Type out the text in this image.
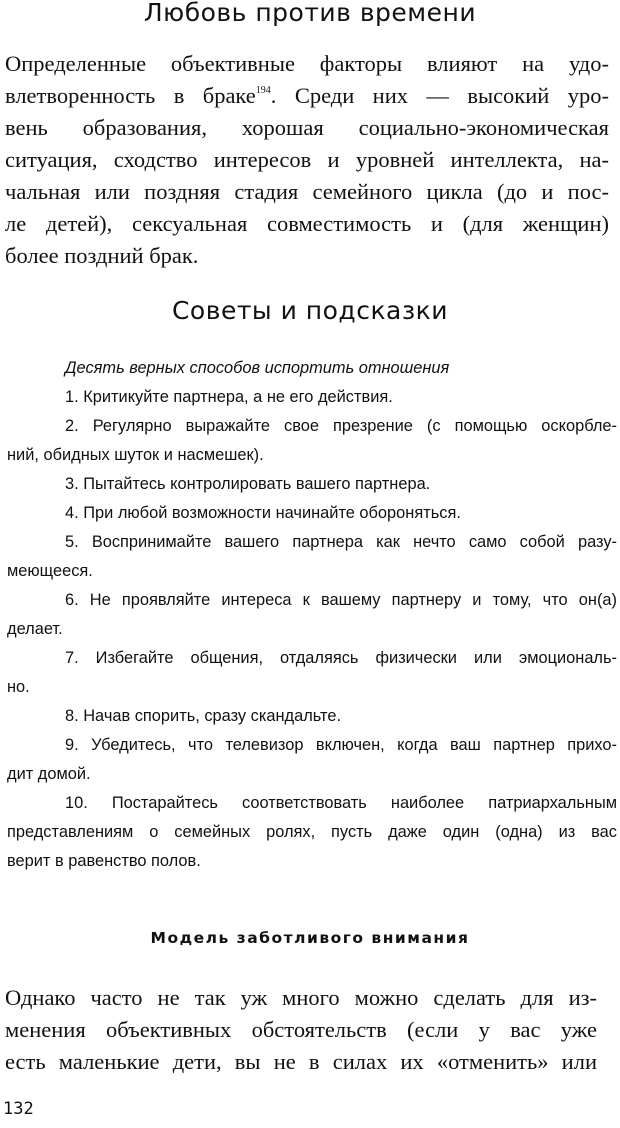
Любовь против времени
Определенные объективные факторы влияют на удо-
влетворенность в браке$^{194}$. Среди них — высокий уро-
вень образования, хорошая социально-экономическая
ситуация, сходство интересов и уровней интеллекта, на-
чальная или поздняя стадия семейного цикла (до и пос-
ле детей), сексуальная совместимость и (для женщин)
более поздний брак.
Советы и подсказки
Десять верных способов испортить отношения
1. Критикуйте партнера, а не его действия.
2. Регулярно выражайте свое презрение (с помощью оскорбле-
ний, обидных шуток и насмешек).
3. Пытайтесь контролировать вашего партнера.
4. При любой возможности начинайте обороняться.
5. Воспринимайте вашего партнера как нечто само собой разу-
меющееся.
6. Не проявляйте интереса к вашему партнеру и тому, что он(а)
делает.
7. Избегайте общения, отдаляясь физически или эмоциональ-
но.
8. Начав спорить, сразу скандальте.
9. Убедитесь, что телевизор включен, когда ваш партнер прихо-
дит домой.
10. Постарайтесь соответствовать наиболее патриархальным
представлениям о семейных ролях, пусть даже один (одна) из вас
верит в равенство полов.
Модель заботливого внимания
Однако часто не так уж много можно сделать для из-
менения объективных обстоятельств (если у вас уже
есть маленькие дети, вы не в силах их «отменить» или
132
